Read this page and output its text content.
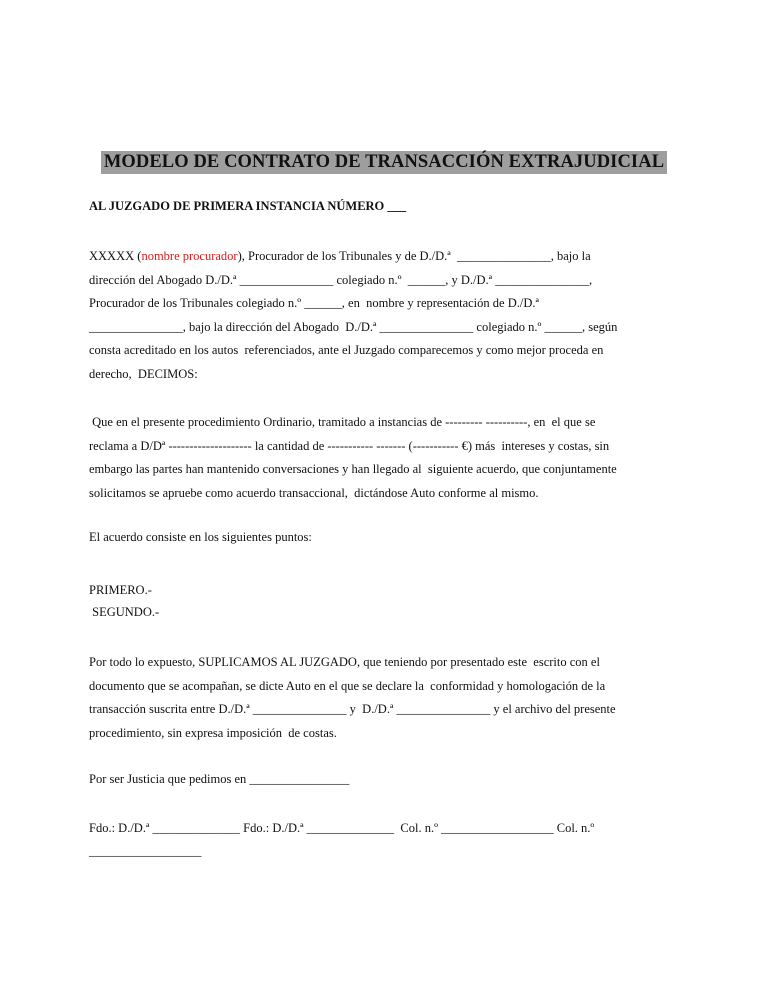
MODELO DE CONTRATO DE TRANSACCIÓN EXTRAJUDICIAL
AL JUZGADO DE PRIMERA INSTANCIA NÚMERO ___
XXXXX (nombre procurador), Procurador de los Tribunales y de D./D.ª  _______________, bajo la
dirección del Abogado D./D.ª _______________ colegiado n.º  ______, y D./D.ª _______________,
Procurador de los Tribunales colegiado n.º ______, en  nombre y representación de D./D.ª
_______________, bajo la dirección del Abogado  D./D.ª _______________ colegiado n.º ______, según
consta acreditado en los autos  referenciados, ante el Juzgado comparecemos y como mejor proceda en
derecho,  DECIMOS:
Que en el presente procedimiento Ordinario, tramitado a instancias de --------- ----------, en  el que se
reclama a D/Dª -------------------- la cantidad de ----------- ------- (----------- €) más  intereses y costas, sin
embargo las partes han mantenido conversaciones y han llegado al  siguiente acuerdo, que conjuntamente
solicitamos se apruebe como acuerdo transaccional,  dictándose Auto conforme al mismo.
El acuerdo consiste en los siguientes puntos:
PRIMERO.-
SEGUNDO.-
Por todo lo expuesto, SUPLICAMOS AL JUZGADO, que teniendo por presentado este  escrito con el
documento que se acompañan, se dicte Auto en el que se declare la  conformidad y homologación de la
transacción suscrita entre D./D.ª _______________ y  D./D.ª _______________ y el archivo del presente
procedimiento, sin expresa imposición  de costas.
Por ser Justicia que pedimos en ________________
Fdo.: D./D.ª ______________ Fdo.: D./D.ª ______________  Col. n.º __________________ Col. n.º
__________________
